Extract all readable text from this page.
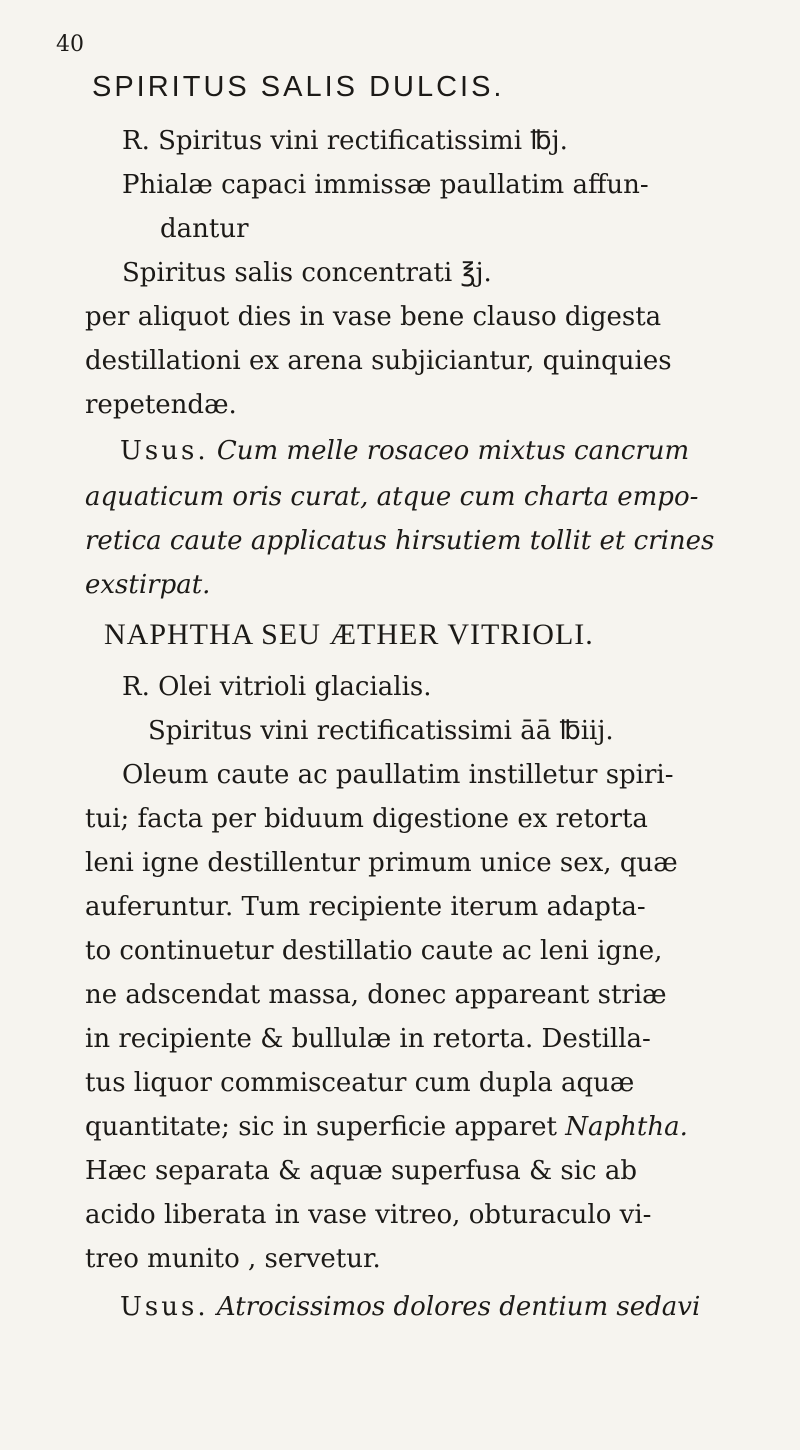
40
SPIRITUS SALIS DULCIS.
R. Spiritus vini rectificatissimi ℔j.
Phialæ capaci immissæ paullatim affun-
dantur
Spiritus salis concentrati ℥j.
per aliquot dies in vase bene clauso digesta
destillationi ex arena subjiciantur, quinquies
repetendæ.
Usus. Cum melle rosaceo mixtus cancrum
aquaticum oris curat, atque cum charta empo-
retica caute applicatus hirsutiem tollit et crines
exstirpat.
NAPHTHA SEU ÆTHER VITRIOLI.
R. Olei vitrioli glacialis.
Spiritus vini rectificatissimi āā ℔iij.
Oleum caute ac paullatim instilletur spiri-
tui; facta per biduum digestione ex retorta
leni igne destillentur primum unice sex, quæ
auferuntur. Tum recipiente iterum adapta-
to continuetur destillatio caute ac leni igne,
ne adscendat massa, donec appareant striæ
in recipiente & bullulæ in retorta. Destilla-
tus liquor commisceatur cum dupla aquæ
quantitate; sic in superficie apparet Naphtha.
Hæc separata & aquæ superfusa & sic ab
acido liberata in vase vitreo, obturaculo vi-
treo munito , servetur.
Usus. Atrocissimos dolores dentium sedavi
